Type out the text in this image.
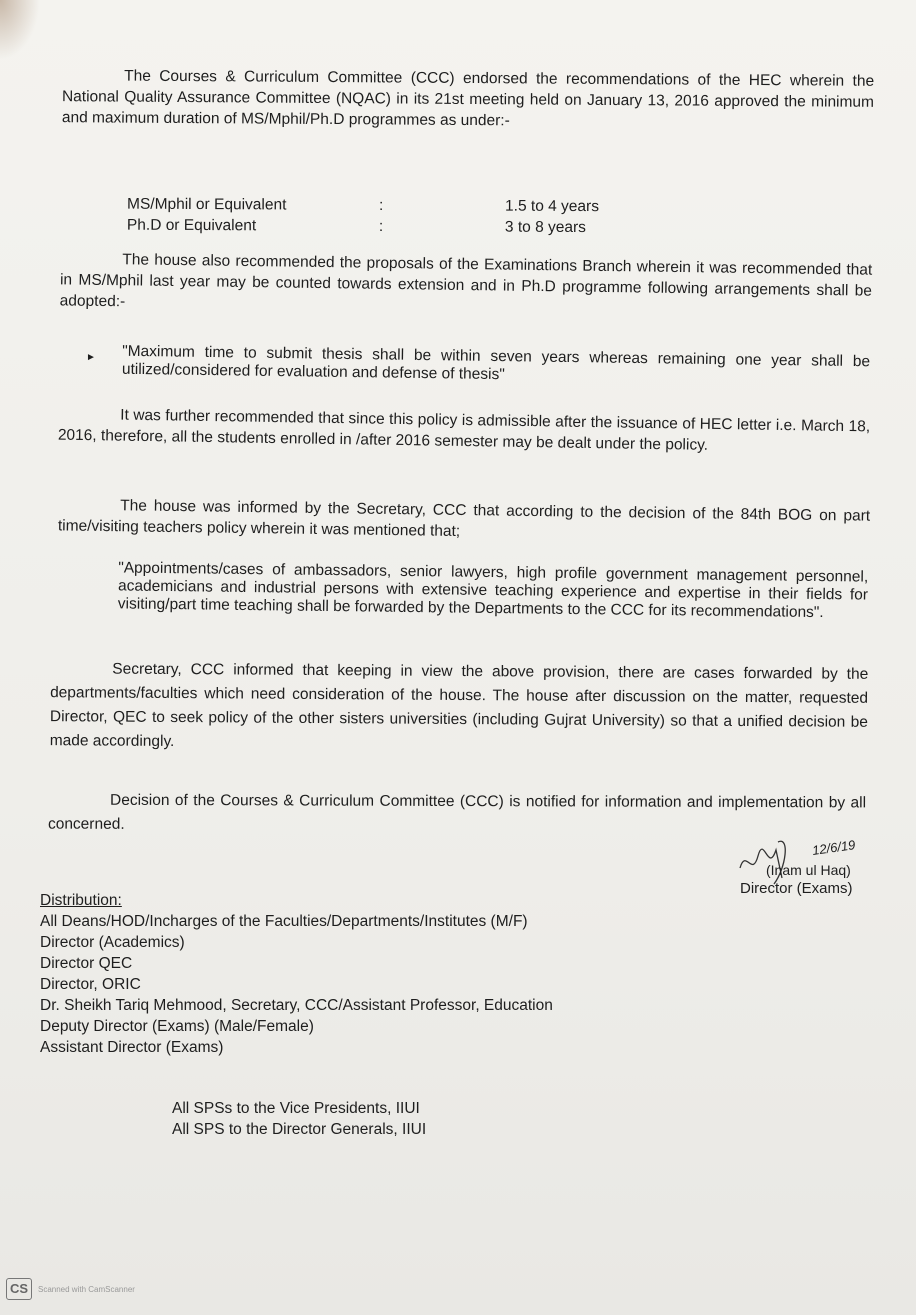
The Courses & Curriculum Committee (CCC) endorsed the recommendations of the HEC wherein the National Quality Assurance Committee (NQAC) in its 21st meeting held on January 13, 2016 approved the minimum and maximum duration of MS/Mphil/Ph.D programmes as under:-

MS/Mphil or Equivalent	:	1.5 to 4 years
Ph.D or Equivalent	:	3 to 8 years

The house also recommended the proposals of the Examinations Branch wherein it was recommended that in MS/Mphil last year may be counted towards extension and in Ph.D programme following arrangements shall be adopted:-

► "Maximum time to submit thesis shall be within seven years whereas remaining one year shall be utilized/considered for evaluation and defense of thesis"

It was further recommended that since this policy is admissible after the issuance of HEC letter i.e. March 18, 2016, therefore, all the students enrolled in /after 2016 semester may be dealt under the policy.

The house was informed by the Secretary, CCC that according to the decision of the 84th BOG on part time/visiting teachers policy wherein it was mentioned that;

"Appointments/cases of ambassadors, senior lawyers, high profile government management personnel, academicians and industrial persons with extensive teaching experience and expertise in their fields for visiting/part time teaching shall be forwarded by the Departments to the CCC for its recommendations".

Secretary, CCC informed that keeping in view the above provision, there are cases forwarded by the departments/faculties which need consideration of the house. The house after discussion on the matter, requested Director, QEC to seek policy of the other sisters universities (including Gujrat University) so that a unified decision be made accordingly.

Decision of the Courses & Curriculum Committee (CCC) is notified for information and implementation by all concerned.

12/6/19
(Inam ul Haq)
Director (Exams)
Distribution:
All Deans/HOD/Incharges of the Faculties/Departments/Institutes (M/F)
Director (Academics)
Director QEC
Director, ORIC
Dr. Sheikh Tariq Mehmood, Secretary, CCC/Assistant Professor, Education
Deputy Director (Exams) (Male/Female)
Assistant Director (Exams)
All SPSs to the Vice Presidents, IIUI
All SPS to the Director Generals, IIUI
CS	Scanned with CamScanner
